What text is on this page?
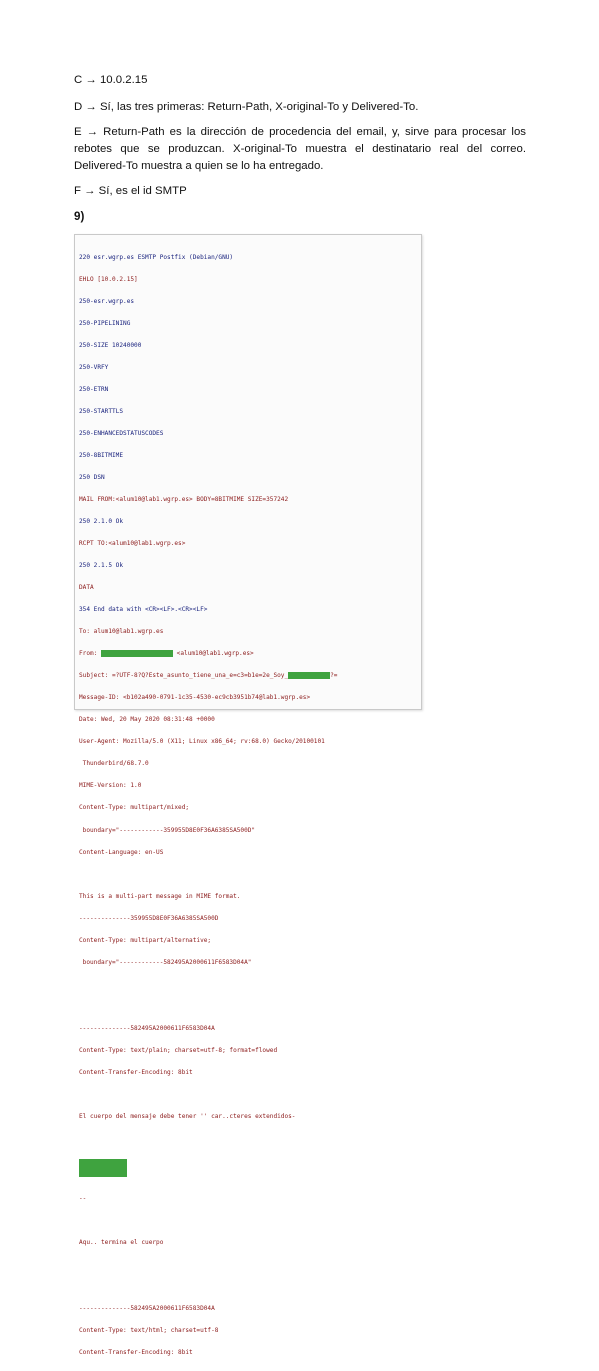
C → 10.0.2.15

D → Sí, las tres primeras: Return-Path, X-original-To y Delivered-To.

E → Return-Path es la dirección de procedencia del email, y, sirve para procesar los rebotes que se produzcan. X-original-To muestra el destinatario real del correo. Delivered-To muestra a quien se lo ha entregado.

F → Sí, es el id SMTP

9)

220 esr.wgrp.es ESMTP Postfix (Debian/GNU)

EHLO [10.0.2.15]

250-esr.wgrp.es

250-PIPELINING

250-SIZE 10240000

250-VRFY

250-ETRN

250-STARTTLS

250-ENHANCEDSTATUSCODES

250-8BITMIME

250 DSN

MAIL FROM:<alum10@lab1.wgrp.es> BODY=8BITMIME SIZE=357242

250 2.1.0 Ok

RCPT TO:<alum10@lab1.wgrp.es>

250 2.1.5 Ok

DATA

354 End data with <CR><LF>.<CR><LF>

To: alum10@lab1.wgrp.es

From:	<alum10@lab1.wgrp.es>

Subject: =?UTF-8?Q?Este_asunto_tiene_una_e=c3=b1e=2e_Soy_	?=

Message-ID: <b102a490-0791-1c35-4530-ec9cb3951b74@lab1.wgrp.es>

Date: Wed, 20 May 2020 08:31:48 +0000

User-Agent: Mozilla/5.0 (X11; Linux x86_64; rv:68.0) Gecko/20100101

Thunderbird/68.7.0

MIME-Version: 1.0

Content-Type: multipart/mixed;

boundary="------------359955D8E0F36A6385SA500D"

Content-Language: en-US

This is a multi-part message in MIME format.

--------------359955D8E0F36A6385SA500D

Content-Type: multipart/alternative;

boundary="------------582495A2000611F6583D04A"

--------------582495A2000611F6583D04A

Content-Type: text/plain; charset=utf-8; format=flowed

Content-Transfer-Encoding: 8bit

El cuerpo del mensaje debe tener '' car..cteres extendidos-

--

Aqu.. termina el cuerpo

--------------582495A2000611F6583D04A

Content-Type: text/html; charset=utf-8

Content-Transfer-Encoding: 8bit
